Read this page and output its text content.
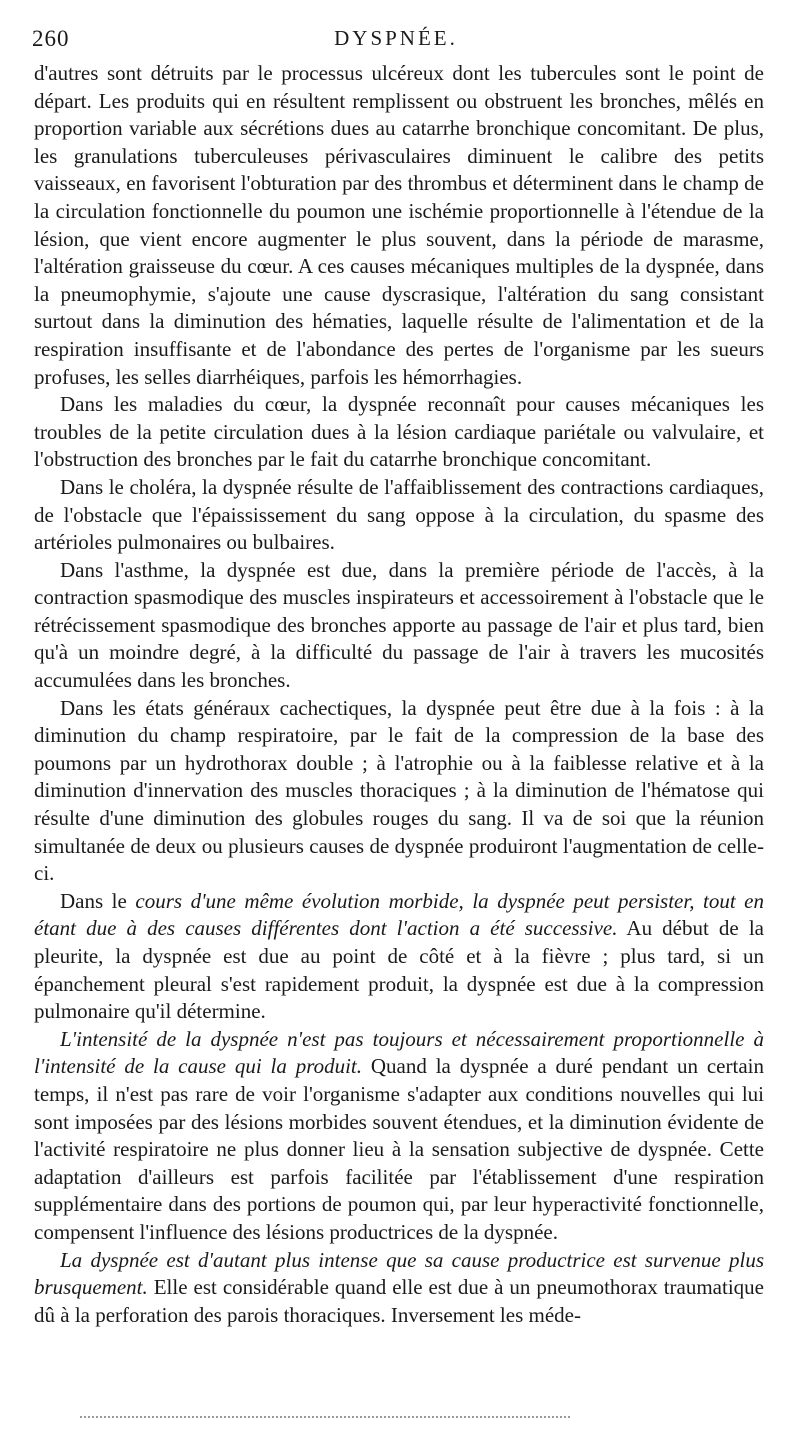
260	DYSPNÉE.

d'autres sont détruits par le processus ulcéreux dont les tubercules sont le point de départ. Les produits qui en résultent remplissent ou obstruent les bronches, mêlés en proportion variable aux sécrétions dues au catarrhe bronchique concomitant. De plus, les granulations tuberculeuses périvasculaires diminuent le calibre des petits vaisseaux, en favorisent l'obturation par des thrombus et déterminent dans le champ de la circulation fonctionnelle du poumon une ischémie proportionnelle à l'étendue de la lésion, que vient encore augmenter le plus souvent, dans la période de marasme, l'altération graisseuse du cœur. A ces causes mécaniques multiples de la dyspnée, dans la pneumophymie, s'ajoute une cause dyscrasique, l'altération du sang consistant surtout dans la diminution des hématies, laquelle résulte de l'alimentation et de la respiration insuffisante et de l'abondance des pertes de l'organisme par les sueurs profuses, les selles diarrhéiques, parfois les hémorrhagies.

Dans les maladies du cœur, la dyspnée reconnaît pour causes mécaniques les troubles de la petite circulation dues à la lésion cardiaque pariétale ou valvulaire, et l'obstruction des bronches par le fait du catarrhe bronchique concomitant.

Dans le choléra, la dyspnée résulte de l'affaiblissement des contractions cardiaques, de l'obstacle que l'épaississement du sang oppose à la circulation, du spasme des artérioles pulmonaires ou bulbaires.

Dans l'asthme, la dyspnée est due, dans la première période de l'accès, à la contraction spasmodique des muscles inspirateurs et accessoirement à l'obstacle que le rétrécissement spasmodique des bronches apporte au passage de l'air et plus tard, bien qu'à un moindre degré, à la difficulté du passage de l'air à travers les mucosités accumulées dans les bronches.

Dans les états généraux cachectiques, la dyspnée peut être due à la fois : à la diminution du champ respiratoire, par le fait de la compression de la base des poumons par un hydrothorax double ; à l'atrophie ou à la faiblesse relative et à la diminution d'innervation des muscles thoraciques ; à la diminution de l'hématose qui résulte d'une diminution des globules rouges du sang. Il va de soi que la réunion simultanée de deux ou plusieurs causes de dyspnée produiront l'augmentation de celle-ci.

Dans le cours d'une même évolution morbide, la dyspnée peut persister, tout en étant due à des causes différentes dont l'action a été successive. Au début de la pleurite, la dyspnée est due au point de côté et à la fièvre ; plus tard, si un épanchement pleural s'est rapidement produit, la dyspnée est due à la compression pulmonaire qu'il détermine.

L'intensité de la dyspnée n'est pas toujours et nécessairement proportionnelle à l'intensité de la cause qui la produit. Quand la dyspnée a duré pendant un certain temps, il n'est pas rare de voir l'organisme s'adapter aux conditions nouvelles qui lui sont imposées par des lésions morbides souvent étendues, et la diminution évidente de l'activité respiratoire ne plus donner lieu à la sensation subjective de dyspnée. Cette adaptation d'ailleurs est parfois facilitée par l'établissement d'une respiration supplémentaire dans des portions de poumon qui, par leur hyperactivité fonctionnelle, compensent l'influence des lésions productrices de la dyspnée.

La dyspnée est d'autant plus intense que sa cause productrice est survenue plus brusquement. Elle est considérable quand elle est due à un pneumothorax traumatique dû à la perforation des parois thoraciques. Inversement les méde-
